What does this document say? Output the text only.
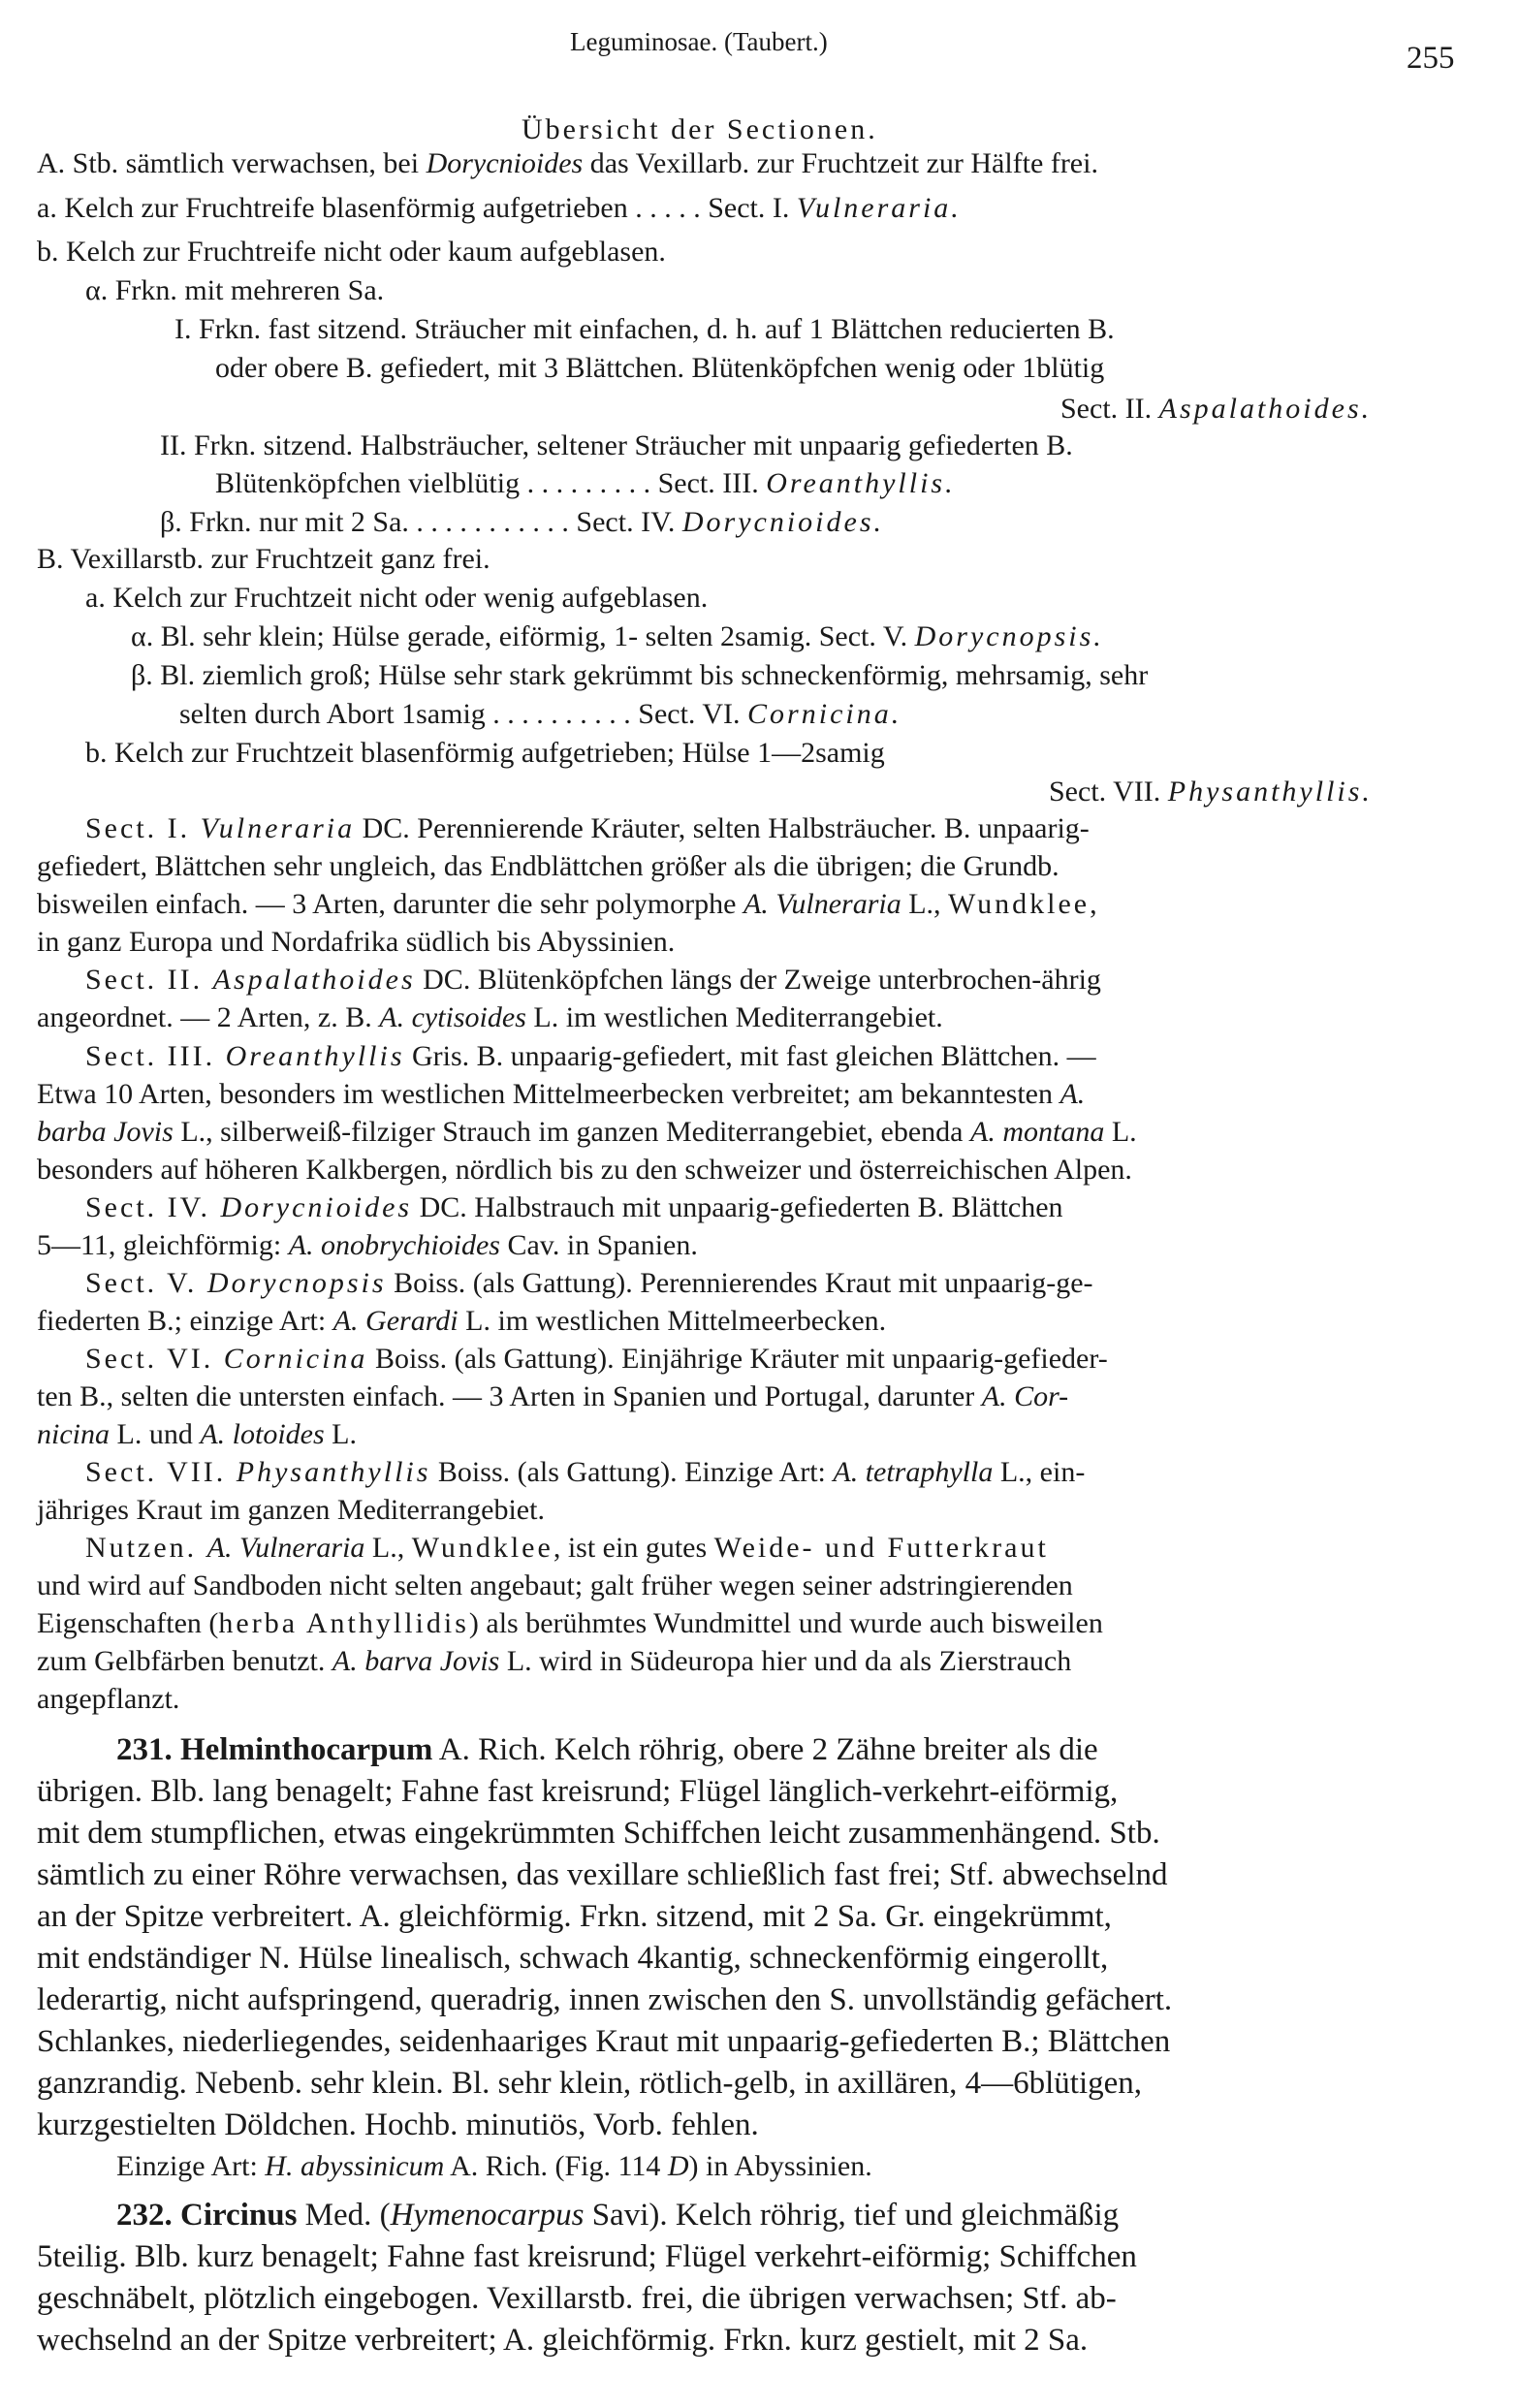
Leguminosae. (Taubert.)	255
Übersicht der Sectionen.
A. Stb. sämtlich verwachsen, bei Dorycnioides das Vexillarb. zur Fruchtzeit zur Hälfte frei.
a. Kelch zur Fruchtreife blasenförmig aufgetrieben . . . . . Sect. I. Vulneraria.
b. Kelch zur Fruchtreife nicht oder kaum aufgeblasen.
α. Frkn. mit mehreren Sa.
I. Frkn. fast sitzend. Sträucher mit einfachen, d. h. auf 1 Blättchen reducierten B.
oder obere B. gefiedert, mit 3 Blättchen. Blütenköpfchen wenig oder 1blütig
Sect. II. Aspalathoides.
II. Frkn. sitzend. Halbsträucher, seltener Sträucher mit unpaarig gefiederten B.
Blütenköpfchen vielblütig . . . . . . . . . Sect. III. Oreanthyllis.
β. Frkn. nur mit 2 Sa. . . . . . . . . . . . Sect. IV. Dorycnioides.
B. Vexillarstb. zur Fruchtzeit ganz frei.
a. Kelch zur Fruchtzeit nicht oder wenig aufgeblasen.
α. Bl. sehr klein; Hülse gerade, eiförmig, 1- selten 2samig. Sect. V. Dorycnopsis.
β. Bl. ziemlich groß; Hülse sehr stark gekrümmt bis schneckenförmig, mehrsamig, sehr
selten durch Abort 1samig . . . . . . . . . . Sect. VI. Cornicina.
b. Kelch zur Fruchtzeit blasenförmig aufgetrieben; Hülse 1—2samig
Sect. VII. Physanthyllis.
Sect. I. Vulneraria DC. Perennierende Kräuter, selten Halbsträucher. B. unpaarig-
gefiedert, Blättchen sehr ungleich, das Endblättchen größer als die übrigen; die Grundb.
bisweilen einfach. — 3 Arten, darunter die sehr polymorphe A. Vulneraria L., Wundklee,
in ganz Europa und Nordafrika südlich bis Abyssinien.
Sect. II. Aspalathoides DC. Blütenköpfchen längs der Zweige unterbrochen-ährig
angeordnet. — 2 Arten, z. B. A. cytisoides L. im westlichen Mediterrangebiet.
Sect. III. Oreanthyllis Gris. B. unpaarig-gefiedert, mit fast gleichen Blättchen. —
Etwa 10 Arten, besonders im westlichen Mittelmeerbecken verbreitet; am bekanntesten A.
barba Jovis L., silberweiß-filziger Strauch im ganzen Mediterrangebiet, ebenda A. montana L.
besonders auf höheren Kalkbergen, nördlich bis zu den schweizer und österreichischen Alpen.
Sect. IV. Dorycnioides DC. Halbstrauch mit unpaarig-gefiederten B. Blättchen
5—11, gleichförmig: A. onobrychioides Cav. in Spanien.
Sect. V. Dorycnopsis Boiss. (als Gattung). Perennierendes Kraut mit unpaarig-ge-
fiederten B.; einzige Art: A. Gerardi L. im westlichen Mittelmeerbecken.
Sect. VI. Cornicina Boiss. (als Gattung). Einjährige Kräuter mit unpaarig-gefieder-
ten B., selten die untersten einfach. — 3 Arten in Spanien und Portugal, darunter A. Cor-
nicina L. und A. lotoides L.
Sect. VII. Physanthyllis Boiss. (als Gattung). Einzige Art: A. tetraphylla L., ein-
jähriges Kraut im ganzen Mediterrangebiet.
Nutzen. A. Vulneraria L., Wundklee, ist ein gutes Weide- und Futterkraut
und wird auf Sandboden nicht selten angebaut; galt früher wegen seiner adstringierenden
Eigenschaften (herba Anthyllidis) als berühmtes Wundmittel und wurde auch bisweilen
zum Gelbfärben benutzt. A. barva Jovis L. wird in Südeuropa hier und da als Zierstrauch
angepflanzt.
231. Helminthocarpum A. Rich. Kelch röhrig, obere 2 Zähne breiter als die
übrigen. Blb. lang benagelt; Fahne fast kreisrund; Flügel länglich-verkehrt-eiförmig,
mit dem stumpflichen, etwas eingekrümmten Schiffchen leicht zusammenhängend. Stb.
sämtlich zu einer Röhre verwachsen, das vexillare schließlich fast frei; Stf. abwechselnd
an der Spitze verbreitert. A. gleichförmig. Frkn. sitzend, mit 2 Sa. Gr. eingekrümmt,
mit endständiger N. Hülse linealisch, schwach 4kantig, schneckenförmig eingerollt,
lederartig, nicht aufspringend, queradrig, innen zwischen den S. unvollständig gefächert.
Schlankes, niederliegendes, seidenhaariges Kraut mit unpaarig-gefiederten B.; Blättchen
ganzrandig. Nebenb. sehr klein. Bl. sehr klein, rötlich-gelb, in axillären, 4—6blütigen,
kurzgestielten Döldchen. Hochb. minutiös, Vorb. fehlen.
Einzige Art: H. abyssinicum A. Rich. (Fig. 114 D) in Abyssinien.
232. Circinus Med. (Hymenocarpus Savi). Kelch röhrig, tief und gleichmäßig
5teilig. Blb. kurz benagelt; Fahne fast kreisrund; Flügel verkehrt-eiförmig; Schiffchen
geschnäbelt, plötzlich eingebogen. Vexillarstb. frei, die übrigen verwachsen; Stf. ab-
wechselnd an der Spitze verbreitert; A. gleichförmig. Frkn. kurz gestielt, mit 2 Sa.
